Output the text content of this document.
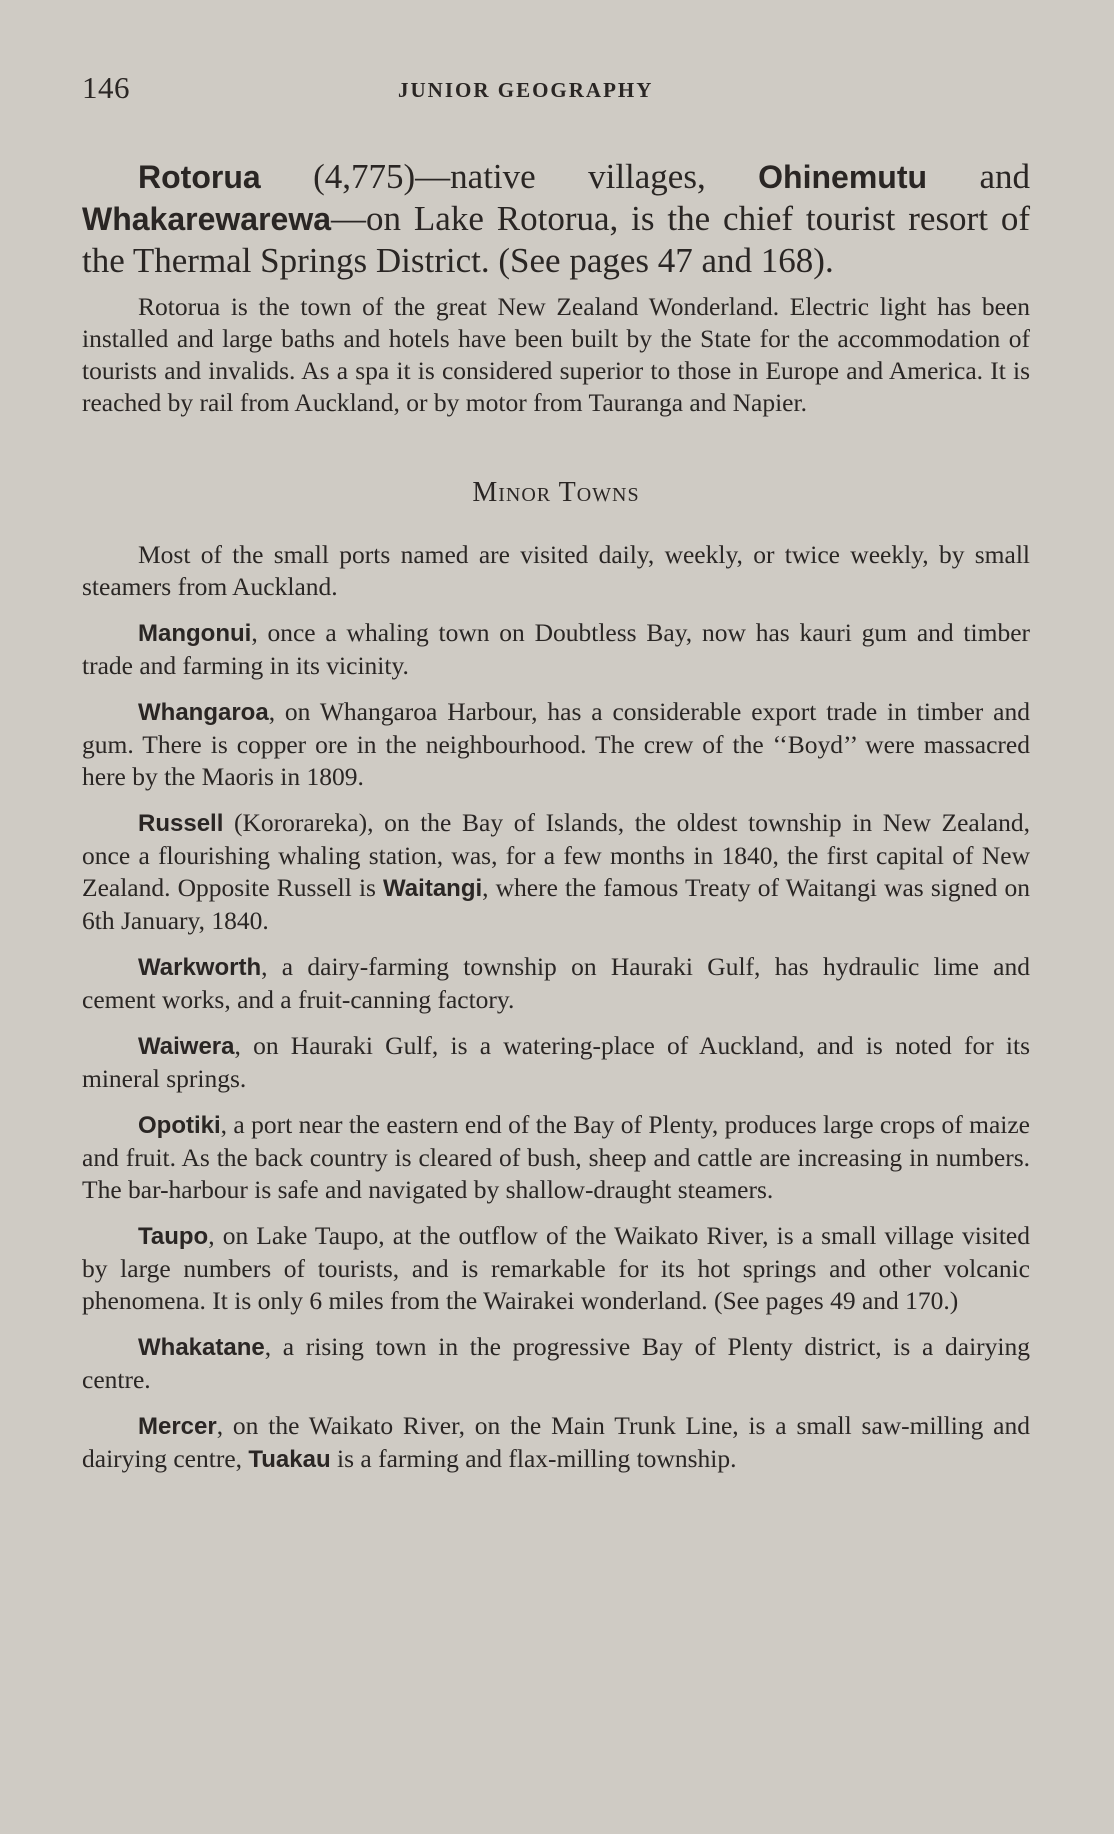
146	JUNIOR GEOGRAPHY

Rotorua (4,775)—native villages, Ohinemutu and Whakarewarewa—on Lake Rotorua, is the chief tourist resort of the Thermal Springs District. (See pages 47 and 168).

Rotorua is the town of the great New Zealand Wonderland. Electric light has been installed and large baths and hotels have been built by the State for the accommodation of tourists and invalids. As a spa it is considered superior to those in Europe and America. It is reached by rail from Auckland, or by motor from Tauranga and Napier.

Minor Towns

Most of the small ports named are visited daily, weekly, or twice weekly, by small steamers from Auckland.

Mangonui, once a whaling town on Doubtless Bay, now has kauri gum and timber trade and farming in its vicinity.

Whangaroa, on Whangaroa Harbour, has a considerable export trade in timber and gum. There is copper ore in the neighbourhood. The crew of the ‘‘Boyd’’ were massacred here by the Maoris in 1809.

Russell (Kororareka), on the Bay of Islands, the oldest township in New Zealand, once a flourishing whaling station, was, for a few months in 1840, the first capital of New Zealand. Opposite Russell is Waitangi, where the famous Treaty of Waitangi was signed on 6th January, 1840.

Warkworth, a dairy-farming township on Hauraki Gulf, has hydraulic lime and cement works, and a fruit-canning factory.

Waiwera, on Hauraki Gulf, is a watering-place of Auckland, and is noted for its mineral springs.

Opotiki, a port near the eastern end of the Bay of Plenty, produces large crops of maize and fruit. As the back country is cleared of bush, sheep and cattle are increasing in numbers. The bar-harbour is safe and navigated by shallow-draught steamers.

Taupo, on Lake Taupo, at the outflow of the Waikato River, is a small village visited by large numbers of tourists, and is remarkable for its hot springs and other volcanic phenomena. It is only 6 miles from the Wairakei wonderland. (See pages 49 and 170.)

Whakatane, a rising town in the progressive Bay of Plenty district, is a dairying centre.

Mercer, on the Waikato River, on the Main Trunk Line, is a small saw-milling and dairying centre, Tuakau is a farming and flax-milling township.
